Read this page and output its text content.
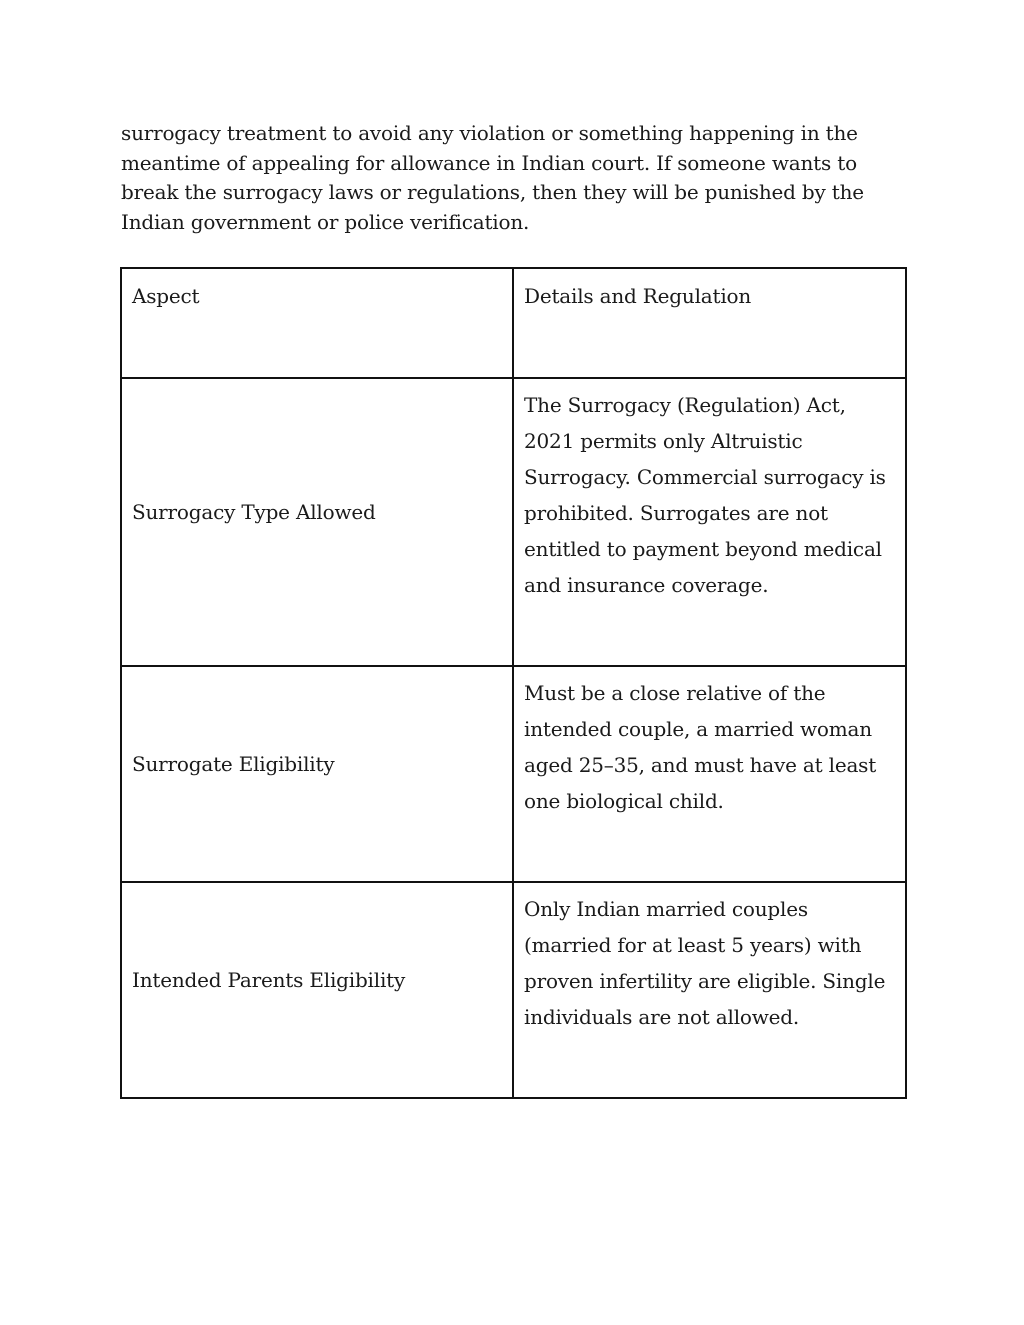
surrogacy treatment to avoid any violation or something happening in the meantime of appealing for allowance in Indian court. If someone wants to break the surrogacy laws or regulations, then they will be punished by the Indian government or police verification.

Aspect	Details and Regulation
Surrogacy Type Allowed	The Surrogacy (Regulation) Act, 2021 permits only Altruistic Surrogacy. Commercial surrogacy is prohibited. Surrogates are not entitled to payment beyond medical and insurance coverage.
Surrogate Eligibility	Must be a close relative of the intended couple, a married woman aged 25–35, and must have at least one biological child.
Intended Parents Eligibility	Only Indian married couples (married for at least 5 years) with proven infertility are eligible. Single individuals are not allowed.
